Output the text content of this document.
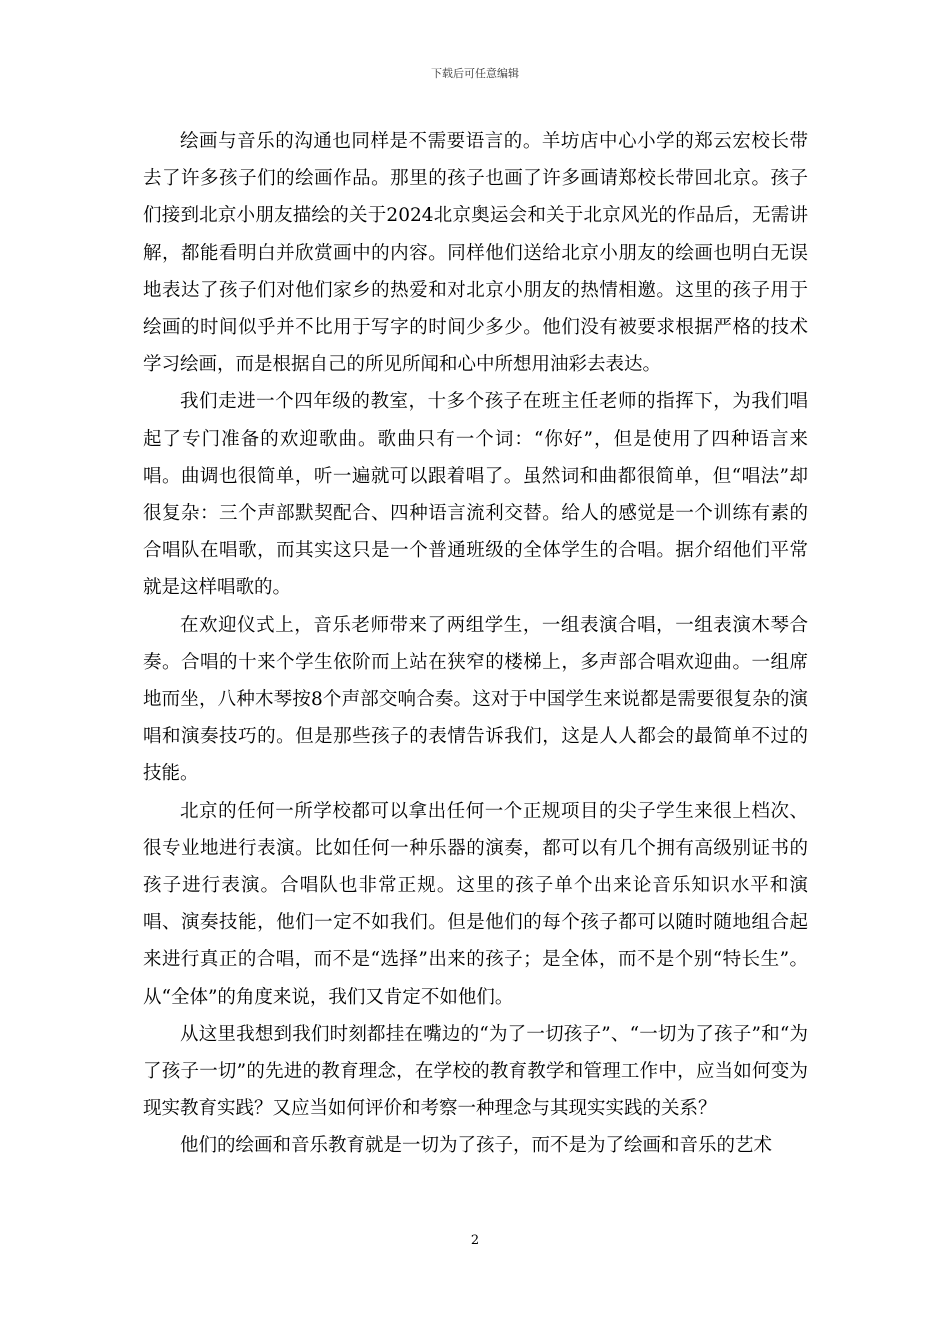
下载后可任意编辑

绘画与音乐的沟通也同样是不需要语言的。羊坊店中心小学的郑云宏校长带去了许多孩子们的绘画作品。那里的孩子也画了许多画请郑校长带回北京。孩子们接到北京小朋友描绘的关于2024北京奥运会和关于北京风光的作品后，无需讲解，都能看明白并欣赏画中的内容。同样他们送给北京小朋友的绘画也明白无误地表达了孩子们对他们家乡的热爱和对北京小朋友的热情相邀。这里的孩子用于绘画的时间似乎并不比用于写字的时间少多少。他们没有被要求根据严格的技术学习绘画，而是根据自己的所见所闻和心中所想用油彩去表达。

我们走进一个四年级的教室，十多个孩子在班主任老师的指挥下，为我们唱起了专门准备的欢迎歌曲。歌曲只有一个词：“你好”，但是使用了四种语言来唱。曲调也很简单，听一遍就可以跟着唱了。虽然词和曲都很简单，但“唱法”却很复杂：三个声部默契配合、四种语言流利交替。给人的感觉是一个训练有素的合唱队在唱歌，而其实这只是一个普通班级的全体学生的合唱。据介绍他们平常就是这样唱歌的。

在欢迎仪式上，音乐老师带来了两组学生，一组表演合唱，一组表演木琴合奏。合唱的十来个学生依阶而上站在狭窄的楼梯上，多声部合唱欢迎曲。一组席地而坐，八种木琴按8个声部交响合奏。这对于中国学生来说都是需要很复杂的演唱和演奏技巧的。但是那些孩子的表情告诉我们，这是人人都会的最简单不过的技能。

北京的任何一所学校都可以拿出任何一个正规项目的尖子学生来很上档次、很专业地进行表演。比如任何一种乐器的演奏，都可以有几个拥有高级别证书的孩子进行表演。合唱队也非常正规。这里的孩子单个出来论音乐知识水平和演唱、演奏技能，他们一定不如我们。但是他们的每个孩子都可以随时随地组合起来进行真正的合唱，而不是“选择”出来的孩子；是全体，而不是个别“特长生”。从“全体”的角度来说，我们又肯定不如他们。

从这里我想到我们时刻都挂在嘴边的“为了一切孩子”、“一切为了孩子”和“为了孩子一切”的先进的教育理念，在学校的教育教学和管理工作中，应当如何变为现实教育实践？又应当如何评价和考察一种理念与其现实实践的关系？

他们的绘画和音乐教育就是一切为了孩子，而不是为了绘画和音乐的艺术

2
